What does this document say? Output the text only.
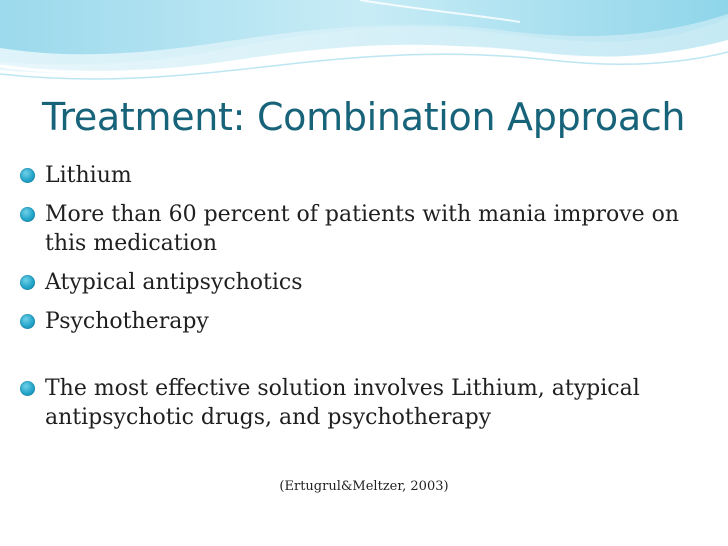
Treatment: Combination Approach
Lithium
More than 60 percent of patients with mania improve on this medication
Atypical antipsychotics
Psychotherapy
The most effective solution involves Lithium, atypical antipsychotic drugs, and psychotherapy
(Ertugrul&Meltzer, 2003)
